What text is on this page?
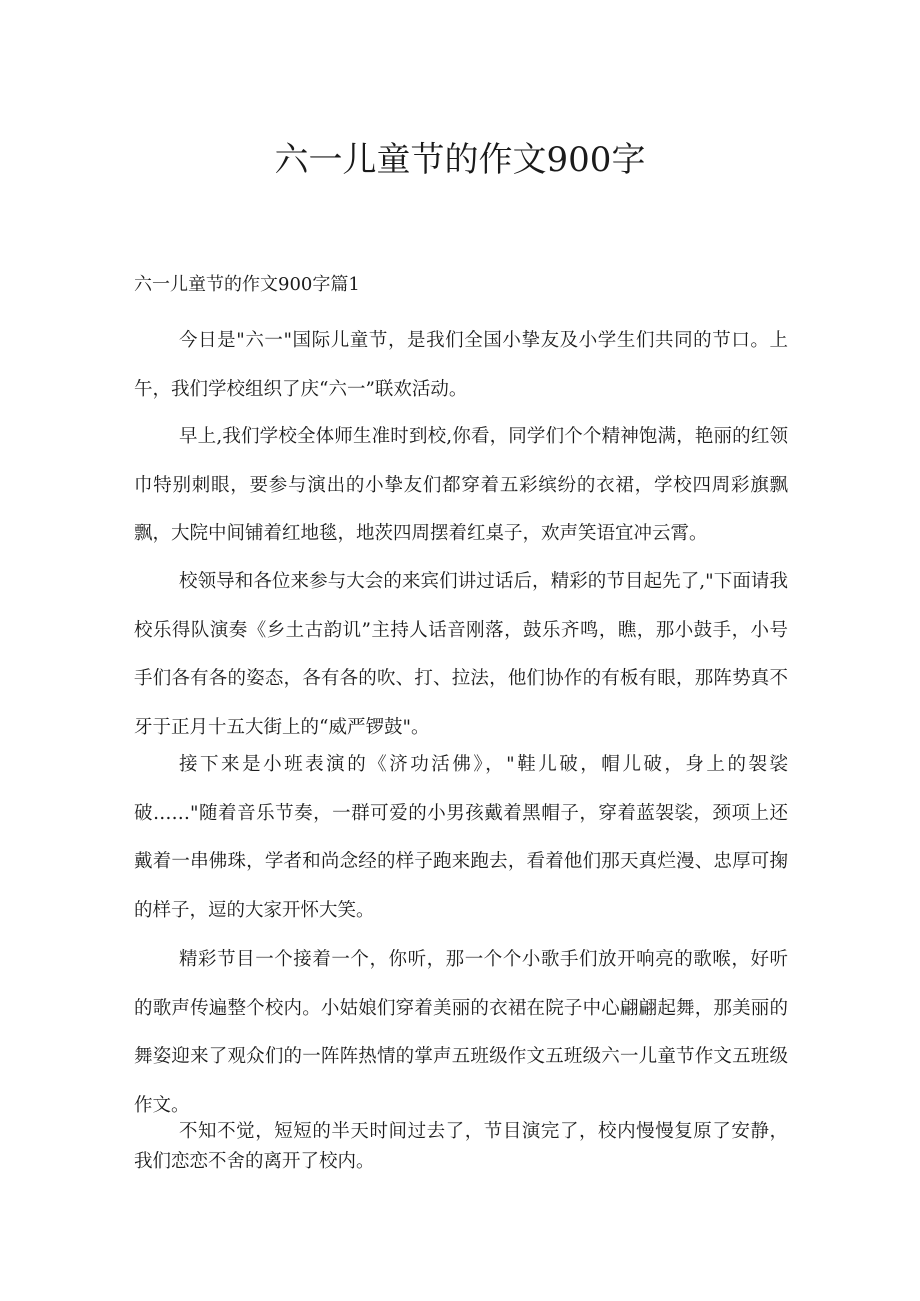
六一儿童节的作文900字

六一儿童节的作文900字篇1

今日是"六一"国际儿童节，是我们全国小挚友及小学生们共同的节口。上午，我们学校组织了庆“六一”联欢活动。

早上,我们学校全体师生准时到校,你看，同学们个个精神饱满，艳丽的红领巾特别刺眼，要参与演出的小挚友们都穿着五彩缤纷的衣裙，学校四周彩旗飘飘，大院中间铺着红地毯，地茨四周摆着红桌子，欢声笑语宜冲云霄。

校领导和各位来参与大会的来宾们讲过话后，精彩的节目起先了,"下面请我校乐得队演奏《乡土古韵讥”主持人话音刚落，鼓乐齐鸣，瞧，那小鼓手，小号手们各有各的姿态，各有各的吹、打、拉法，他们协作的有板有眼，那阵势真不牙于正月十五大街上的“威严锣鼓"。

接下来是小班表演的《济功活佛》，"鞋儿破，帽儿破，身上的袈裟破……"随着音乐节奏，一群可爱的小男孩戴着黑帽子，穿着蓝袈裟，颈项上还戴着一串佛珠，学者和尚念经的样子跑来跑去，看着他们那天真烂漫、忠厚可掬的样子，逗的大家开怀大笑。

精彩节目一个接着一个，你听，那一个个小歌手们放开响亮的歌喉，好听的歌声传遍整个校内。小姑娘们穿着美丽的衣裙在院子中心翩翩起舞，那美丽的舞姿迎来了观众们的一阵阵热情的掌声五班级作文五班级六一儿童节作文五班级作文。

不知不觉，短短的半天时间过去了，节目演完了，校内慢慢复原了安静，我们恋恋不舍的离开了校内。
